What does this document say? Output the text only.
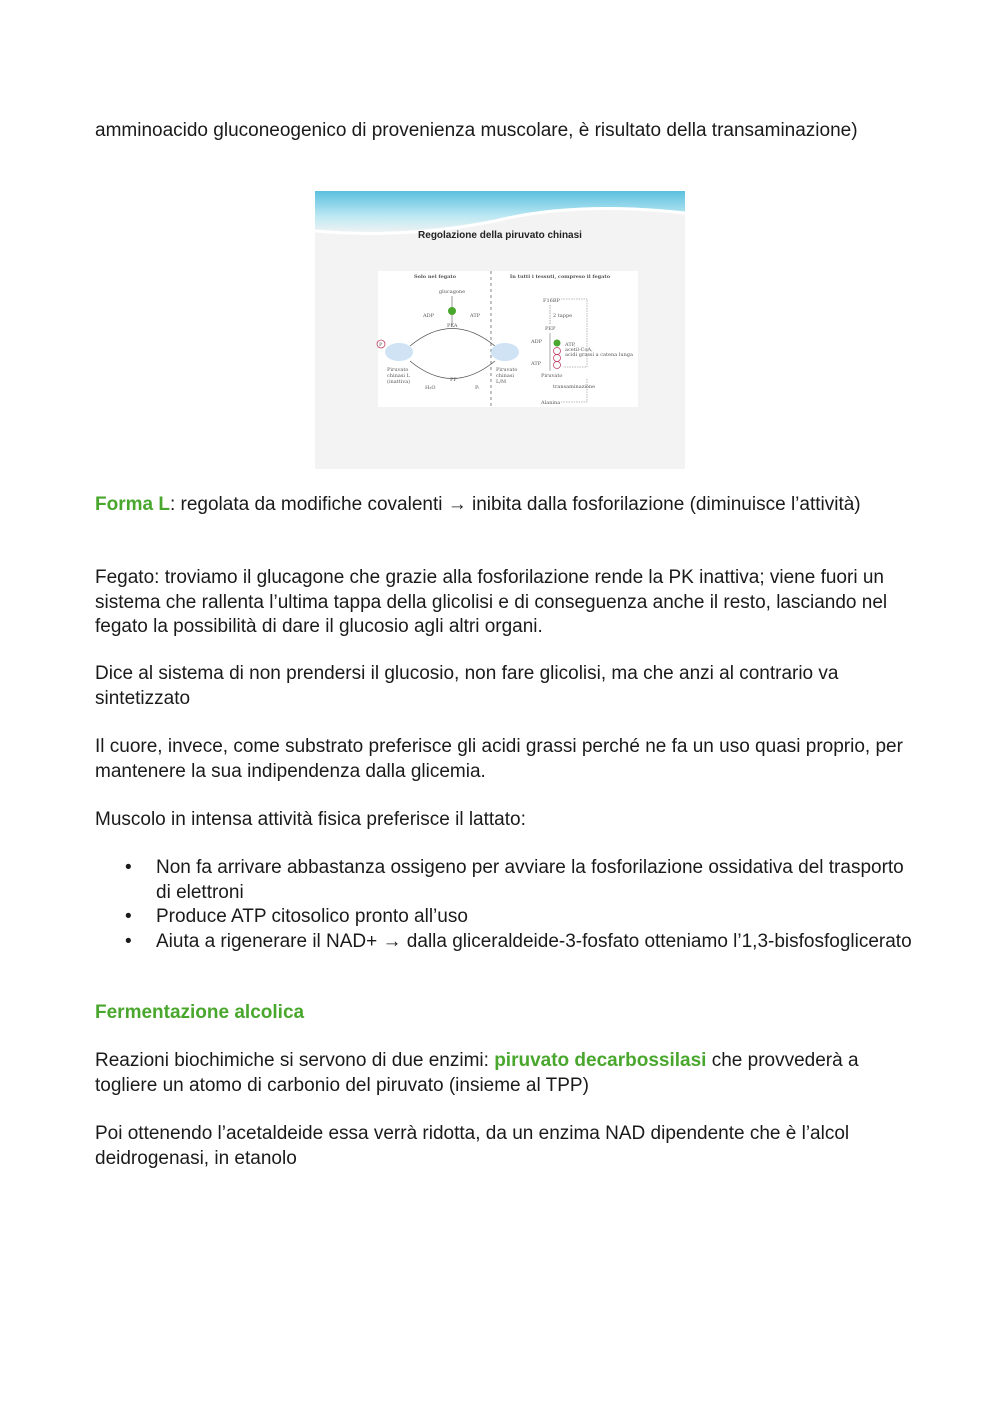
amminoacido gluconeogenico di provenienza muscolare, è risultato della transaminazione)

Solo nel fegato	In tutti i tessuti, compreso il fegato
glucagone
ADP	ATP
PKA
P
Piruvato
chinasi L
(inattiva)
Piruvato
chinasi
L/M
H₂O
PP
Pᵢ
F16BP
2 tappe
PEP
ADP
ATP
ATP,
acetil-CoA,
acidi grassi a catena lunga
Piruvato
transaminazione
Alanina
Regolazione della piruvato chinasi

Forma L: regolata da modifiche covalenti → inibita dalla fosforilazione (diminuisce l’attività)

Fegato: troviamo il glucagone che grazie alla fosforilazione rende la PK inattiva; viene fuori un sistema che rallenta l’ultima tappa della glicolisi e di conseguenza anche il resto, lasciando nel fegato la possibilità di dare il glucosio agli altri organi.

Dice al sistema di non prendersi il glucosio, non fare glicolisi, ma che anzi al contrario va sintetizzato

Il cuore, invece, come substrato preferisce gli acidi grassi perché ne fa un uso quasi proprio, per mantenere la sua indipendenza dalla glicemia.

Muscolo in intensa attività fisica preferisce il lattato:

• Non fa arrivare abbastanza ossigeno per avviare la fosforilazione ossidativa del trasporto di elettroni
• Produce ATP citosolico pronto all’uso
• Aiuta a rigenerare il NAD+ → dalla gliceraldeide-3-fosfato otteniamo l’1,3-bisfosfoglicerato

Fermentazione alcolica

Reazioni biochimiche si servono di due enzimi: piruvato decarbossilasi che provvederà a togliere un atomo di carbonio del piruvato (insieme al TPP)

Poi ottenendo l’acetaldeide essa verrà ridotta, da un enzima NAD dipendente che è l’alcol deidrogenasi, in etanolo
